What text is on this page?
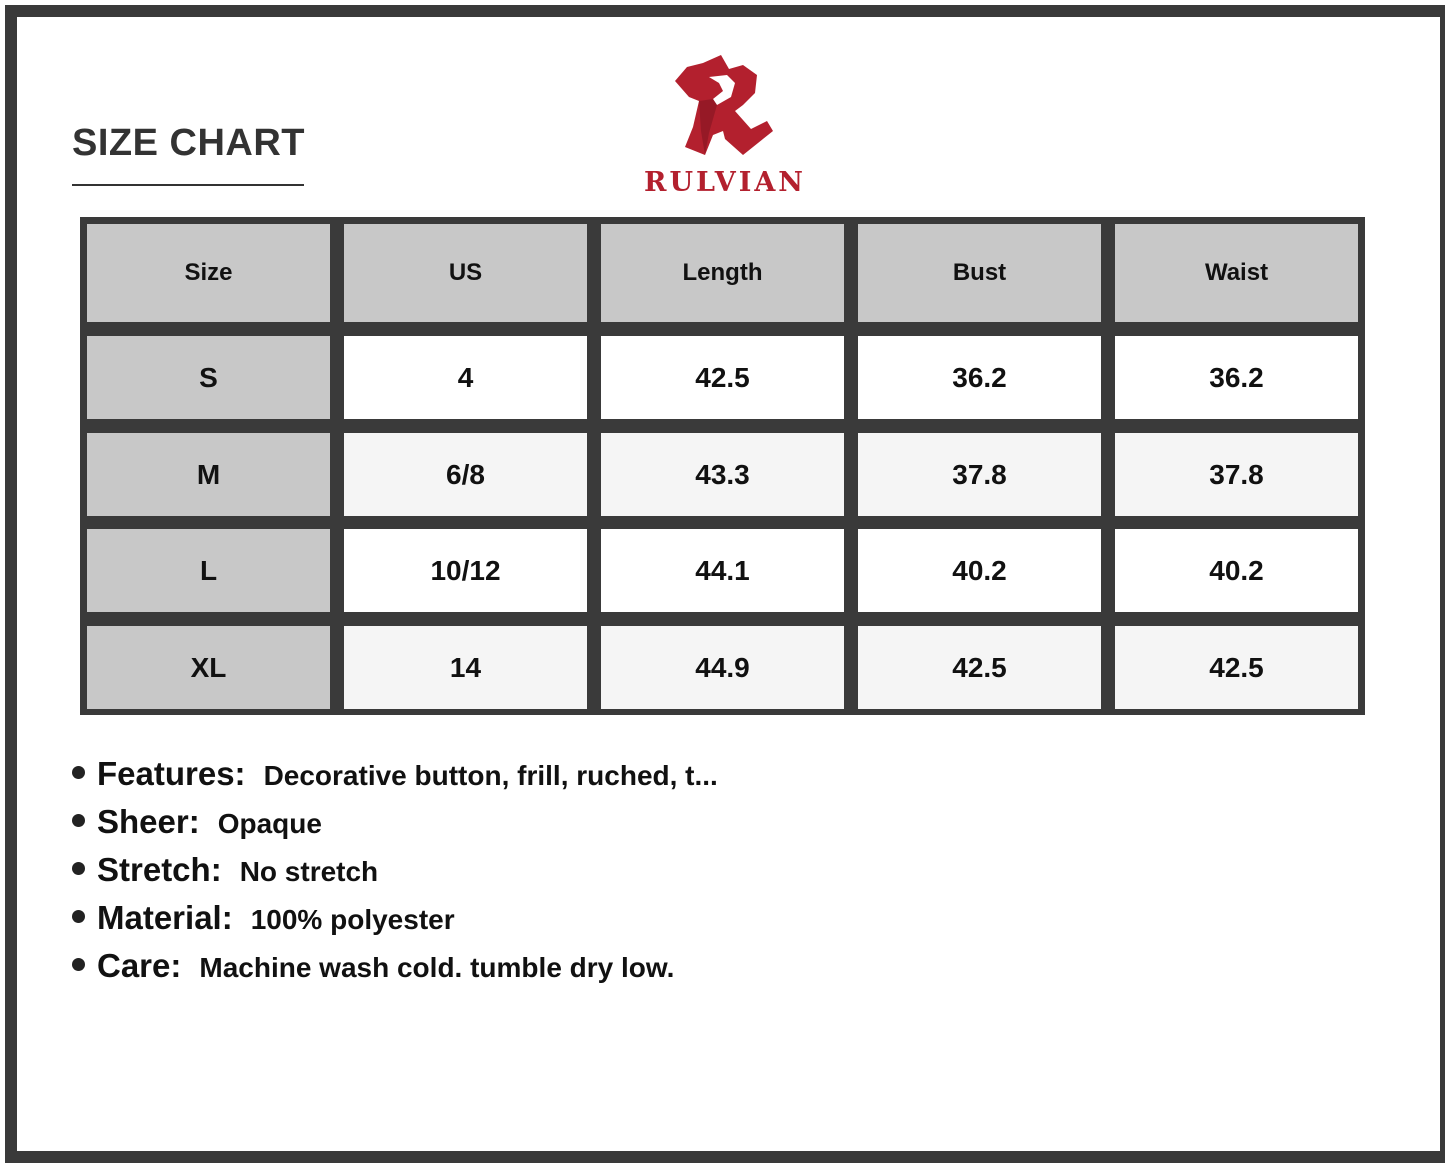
SIZE CHART
RULVIAN
Size	US	Length	Bust	Waist
S	4	42.5	36.2	36.2
M	6/8	43.3	37.8	37.8
L	10/12	44.1	40.2	40.2
XL	14	44.9	42.5	42.5
Features: Decorative button, frill, ruched, t...
Sheer: Opaque
Stretch: No stretch
Material: 100% polyester
Care: Machine wash cold. tumble dry low.
